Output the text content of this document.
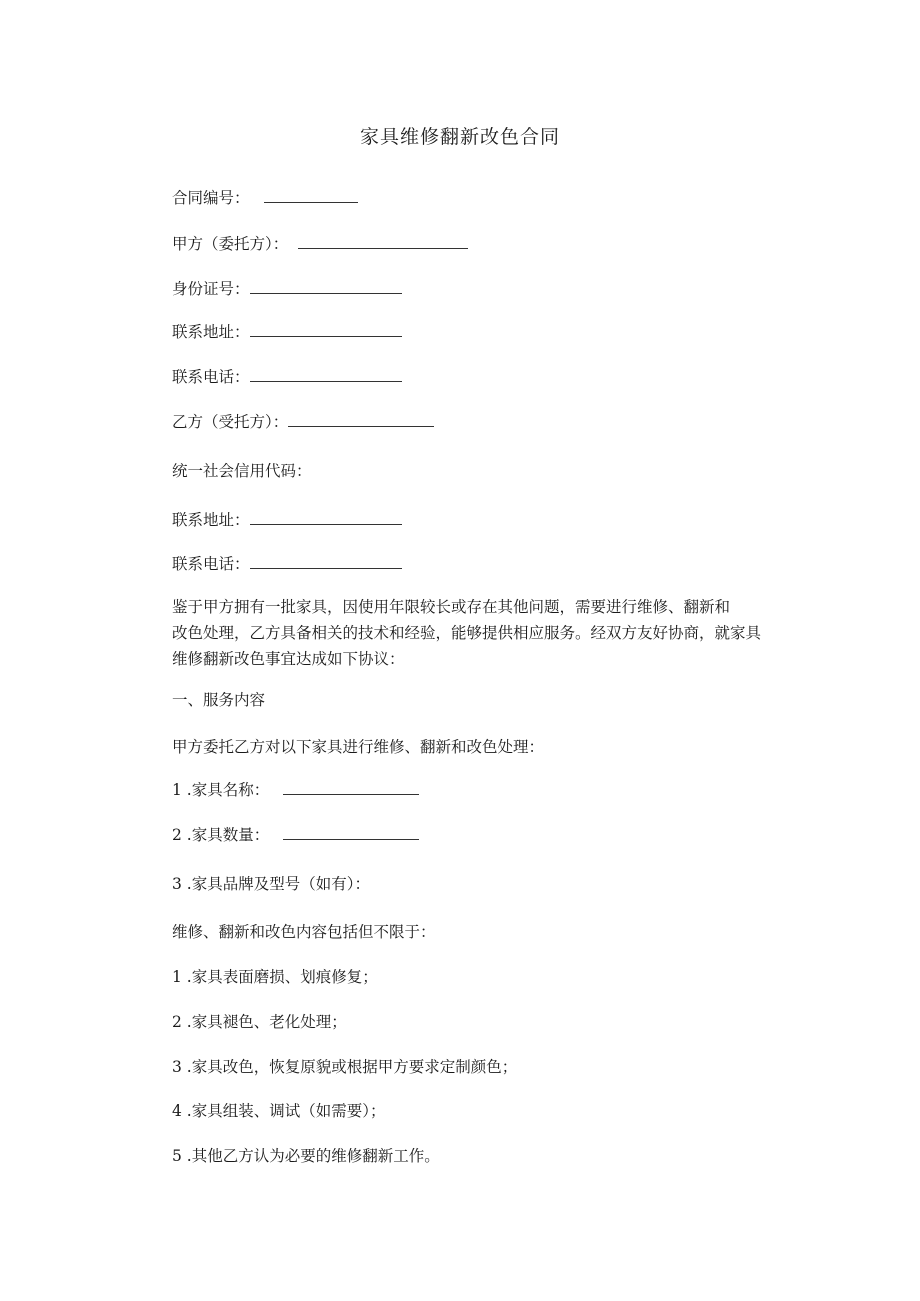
家具维修翻新改色合同
合同编号：
甲方（委托方）：
身份证号：
联系地址：
联系电话：
乙方（受托方）：
统一社会信用代码：
联系地址：
联系电话：
鉴于甲方拥有一批家具，因使用年限较长或存在其他问题，需要进行维修、翻新和
改色处理，乙方具备相关的技术和经验，能够提供相应服务。经双方友好协商，就家具
维修翻新改色事宜达成如下协议：
一、服务内容
甲方委托乙方对以下家具进行维修、翻新和改色处理：
1 .家具名称：
2 .家具数量：
3 .家具品牌及型号（如有）：
维修、翻新和改色内容包括但不限于：
1 .家具表面磨损、划痕修复；
2 .家具褪色、老化处理；
3 .家具改色，恢复原貌或根据甲方要求定制颜色；
4 .家具组装、调试（如需要）；
5 .其他乙方认为必要的维修翻新工作。
